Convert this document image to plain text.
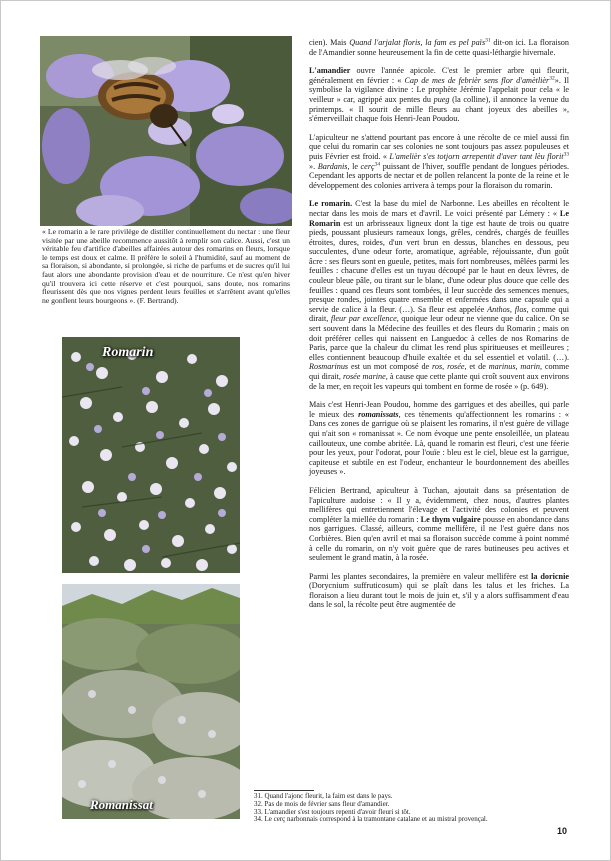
« Le romarin a le rare privilège de distiller continuellement du nectar : une fleur visitée par une abeille recommence aussitôt à remplir son calice. Aussi, c'est un véritable feu d'artifice d'abeilles affairées autour des romarins en fleurs, lorsque le temps est doux et calme. Il préfère le soleil à l'humidité, sauf au moment de sa floraison, si abondante, si prolongée, si riche de parfums et de sucres qu'il lui faut alors une abondante provision d'eau et de nourriture. Ce n'est qu'en hiver qu'il trouvera ici cette réserve et c'est pourquoi, sans doute, nos romarins fleurissent dès que nos vignes perdent leurs feuilles et s'arrêtent avant qu'elles ne gonflent leurs bourgeons ». (F. Bertrand).

Romarin
Romanissat

cien). Mais Quand l'arjalat floris, la fam es pel païs$^{31}$ dit-on ici. La floraison de l'Amandier sonne heureusement la fin de cette quasi-léthargie hivernale.

L'amandier ouvre l'année apicole. C'est le premier arbre qui fleurit, généralement en février : « Cap de mes de febrièr sens flor d'amètlièr$^{32}$». Il symbolise la vigilance divine : Le prophète Jérémie l'appelait pour cela « le veilleur » car, agrippé aux pentes du pueg (la colline), il annonce la venue du printemps. « Il sourit de mille fleurs au chant joyeux des abeilles », s'émerveillait chaque fois Henri-Jean Poudou.

L'apiculteur ne s'attend pourtant pas encore à une récolte de ce miel aussi fin que celui du romarin car ses colonies ne sont toujours pas assez populeuses et puis Février est froid. « L'amelièr s'es totjorn arrepentit d'aver tant lèu florit$^{33}$ ». Bardanis, le cerç$^{34}$ puissant de l'hiver, souffle pendant de longues périodes. Cependant les apports de nectar et de pollen relancent la ponte de la reine et le développement des colonies arrivera à temps pour la floraison du romarin.

Le romarin. C'est la base du miel de Narbonne. Les abeilles en récoltent le nectar dans les mois de mars et d'avril. Le voici présenté par Lémery : « Le Romarin est un arbrisseaux ligneux dont la tige est haute de trois ou quatre pieds, poussant plusieurs rameaux longs, grêles, cendrés, chargés de feuilles étroites, dures, roides, d'un vert brun en dessus, blanches en dessous, peu succulentes, d'une odeur forte, aromatique, agréable, réjouissante, d'un goût âcre : ses fleurs sont en gueule, petites, mais fort nombreuses, mêlées parmi les feuilles : chacune d'elles est un tuyau découpé par le haut en deux lèvres, de couleur bleue pâle, ou tirant sur le blanc, d'une odeur plus douce que celle des feuilles : quand ces fleurs sont tombées, il leur succède des semences menues, presque rondes, jointes quatre ensemble et enfermées dans une capsule qui a servie de calice à la fleur. (…). Sa fleur est appelée Anthos, flos, comme qui dirait, fleur par excellence, quoique leur odeur ne vienne que du calice. On se sert souvent dans la Médecine des feuilles et des fleurs du Romarin ; mais on doit préférer celles qui naissent en Languedoc à celles de nos Romarins de Paris, parce que la chaleur du climat les rend plus spiritueuses et meilleures ; elles contiennent beaucoup d'huile exaltée et du sel essentiel et volatil. (…). Rosmarinus est un mot composé de ros, rosée, et de marinus, marin, comme qui dirait, rosée marine, à cause que cette plante qui croît souvent aux environs de la mer, en reçoit les vapeurs qui tombent en forme de rosée » (p. 649).

Mais c'est Henri-Jean Poudou, homme des garrigues et des abeilles, qui parle le mieux des romanissats, ces tènements qu'affectionnent les romarins : « Dans ces zones de garrigue où se plaisent les romarins, il n'est guère de village qui n'ait son « romanissat ». Ce nom évoque une pente ensoleillée, un plateau caillouteux, une combe abritée. Là, quand le romarin est fleuri, c'est une féerie pour les yeux, pour l'odorat, pour l'ouïe : bleu est le ciel, bleue est la garrigue, capiteuse et subtile en est l'odeur, enchanteur le bourdonnement des abeilles joyeuses ».

Félicien Bertrand, apiculteur à Tuchan, ajoutait dans sa présentation de l'apiculture audoise : « Il y a, évidemment, chez nous, d'autres plantes mellifères qui entretiennent l'élevage et l'activité des colonies et peuvent compléter la miellée du romarin : Le thym vulgaire pousse en abondance dans nos garrigues. Classé, ailleurs, comme mellifère, il ne l'est guère dans nos Corbières. Bien qu'en avril et mai sa floraison succède comme à point nommé à celle du romarin, on n'y voit guère que de rares butineuses peu actives et seulement le grand matin, à la rosée.

Parmi les plantes secondaires, la première en valeur mellifère est la doricnie (Dorycnium suffruticosum) qui se plaît dans les talus et les friches. La floraison a lieu durant tout le mois de juin et, s'il y a alors suffisamment d'eau dans le sol, la récolte peut être augmentée de

31. Quand l'ajonc fleurit, la faim est dans le pays.
32. Pas de mois de février sans fleur d'amandier.
33. L'amandier s'est toujours repenti d'avoir fleuri si tôt.
34. Le cerç narbonnais correspond à la tramontane catalane et au mistral provençal.
10
